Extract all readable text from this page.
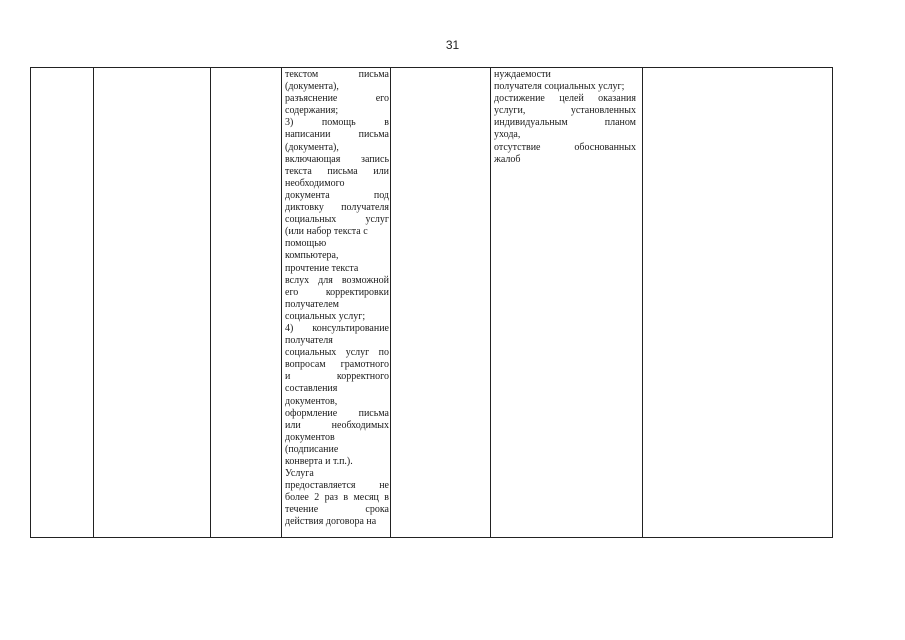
31
текстом письма
(документа),
разъяснение его
содержания;
3) помощь в
написании письма
(документа),
включающая запись
текста письма или
необходимого
документа под
диктовку получателя
социальных услуг
(или набор текста с
помощью
компьютера,
прочтение текста
вслух для возможной
его корректировки
получателем
социальных услуг;
4) консультирование
получателя
социальных услуг по
вопросам грамотного
и корректного
составления
документов,
оформление письма
или необходимых
документов
(подписание
конверта и т.п.).
Услуга
предоставляется не
более 2 раз в месяц в
течение срока
действия договора на
нуждаемости
получателя социальных услуг;
достижение целей оказания
услуги, установленных
индивидуальным планом
ухода,
отсутствие обоснованных
жалоб
